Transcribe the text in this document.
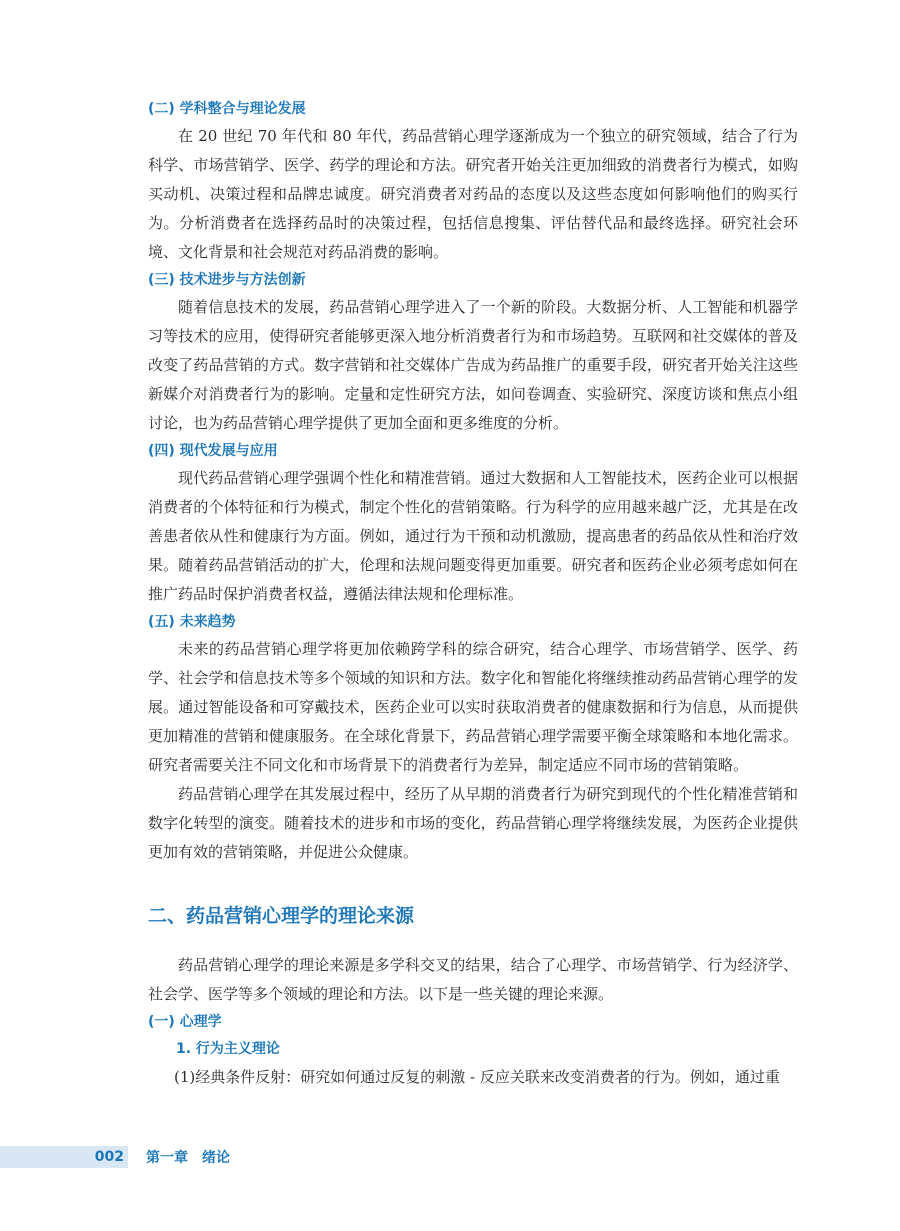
(二) 学科整合与理论发展

在 20 世纪 70 年代和 80 年代，药品营销心理学逐渐成为一个独立的研究领域，结合了行为科学、市场营销学、医学、药学的理论和方法。研究者开始关注更加细致的消费者行为模式，如购买动机、决策过程和品牌忠诚度。研究消费者对药品的态度以及这些态度如何影响他们的购买行为。分析消费者在选择药品时的决策过程，包括信息搜集、评估替代品和最终选择。研究社会环境、文化背景和社会规范对药品消费的影响。

(三) 技术进步与方法创新

随着信息技术的发展，药品营销心理学进入了一个新的阶段。大数据分析、人工智能和机器学习等技术的应用，使得研究者能够更深入地分析消费者行为和市场趋势。互联网和社交媒体的普及改变了药品营销的方式。数字营销和社交媒体广告成为药品推广的重要手段，研究者开始关注这些新媒介对消费者行为的影响。定量和定性研究方法，如问卷调查、实验研究、深度访谈和焦点小组讨论，也为药品营销心理学提供了更加全面和更多维度的分析。

(四) 现代发展与应用

现代药品营销心理学强调个性化和精准营销。通过大数据和人工智能技术，医药企业可以根据消费者的个体特征和行为模式，制定个性化的营销策略。行为科学的应用越来越广泛，尤其是在改善患者依从性和健康行为方面。例如，通过行为干预和动机激励，提高患者的药品依从性和治疗效果。随着药品营销活动的扩大，伦理和法规问题变得更加重要。研究者和医药企业必须考虑如何在推广药品时保护消费者权益，遵循法律法规和伦理标准。

(五) 未来趋势

未来的药品营销心理学将更加依赖跨学科的综合研究，结合心理学、市场营销学、医学、药学、社会学和信息技术等多个领域的知识和方法。数字化和智能化将继续推动药品营销心理学的发展。通过智能设备和可穿戴技术，医药企业可以实时获取消费者的健康数据和行为信息，从而提供更加精准的营销和健康服务。在全球化背景下，药品营销心理学需要平衡全球策略和本地化需求。研究者需要关注不同文化和市场背景下的消费者行为差异，制定适应不同市场的营销策略。

药品营销心理学在其发展过程中，经历了从早期的消费者行为研究到现代的个性化精准营销和数字化转型的演变。随着技术的进步和市场的变化，药品营销心理学将继续发展，为医药企业提供更加有效的营销策略，并促进公众健康。

二、药品营销心理学的理论来源

药品营销心理学的理论来源是多学科交叉的结果，结合了心理学、市场营销学、行为经济学、社会学、医学等多个领域的理论和方法。以下是一些关键的理论来源。

(一) 心理学
1. 行为主义理论

(1)经典条件反射：研究如何通过反复的刺激 - 反应关联来改变消费者的行为。例如，通过重

002 第一章　绪论
